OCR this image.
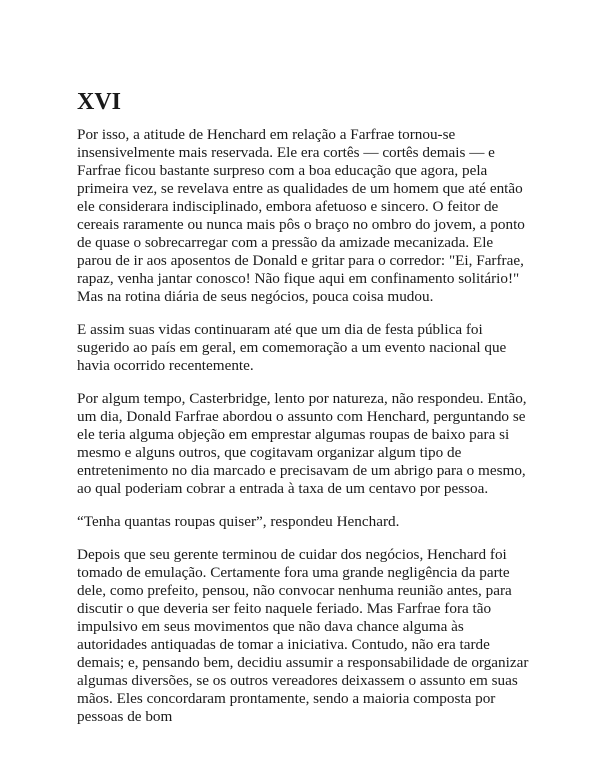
XVI

Por isso, a atitude de Henchard em relação a Farfrae tornou-se insensivelmente mais reservada. Ele era cortês — cortês demais — e Farfrae ficou bastante surpreso com a boa educação que agora, pela primeira vez, se revelava entre as qualidades de um homem que até então ele considerara indisciplinado, embora afetuoso e sincero. O feitor de cereais raramente ou nunca mais pôs o braço no ombro do jovem, a ponto de quase o sobrecarregar com a pressão da amizade mecanizada. Ele parou de ir aos aposentos de Donald e gritar para o corredor: "Ei, Farfrae, rapaz, venha jantar conosco! Não fique aqui em confinamento solitário!" Mas na rotina diária de seus negócios, pouca coisa mudou.

E assim suas vidas continuaram até que um dia de festa pública foi sugerido ao país em geral, em comemoração a um evento nacional que havia ocorrido recentemente.

Por algum tempo, Casterbridge, lento por natureza, não respondeu. Então, um dia, Donald Farfrae abordou o assunto com Henchard, perguntando se ele teria alguma objeção em emprestar algumas roupas de baixo para si mesmo e alguns outros, que cogitavam organizar algum tipo de entretenimento no dia marcado e precisavam de um abrigo para o mesmo, ao qual poderiam cobrar a entrada à taxa de um centavo por pessoa.

“Tenha quantas roupas quiser”, respondeu Henchard.

Depois que seu gerente terminou de cuidar dos negócios, Henchard foi tomado de emulação. Certamente fora uma grande negligência da parte dele, como prefeito, pensou, não convocar nenhuma reunião antes, para discutir o que deveria ser feito naquele feriado. Mas Farfrae fora tão impulsivo em seus movimentos que não dava chance alguma às autoridades antiquadas de tomar a iniciativa. Contudo, não era tarde demais; e, pensando bem, decidiu assumir a responsabilidade de organizar algumas diversões, se os outros vereadores deixassem o assunto em suas mãos. Eles concordaram prontamente, sendo a maioria composta por pessoas de bom
